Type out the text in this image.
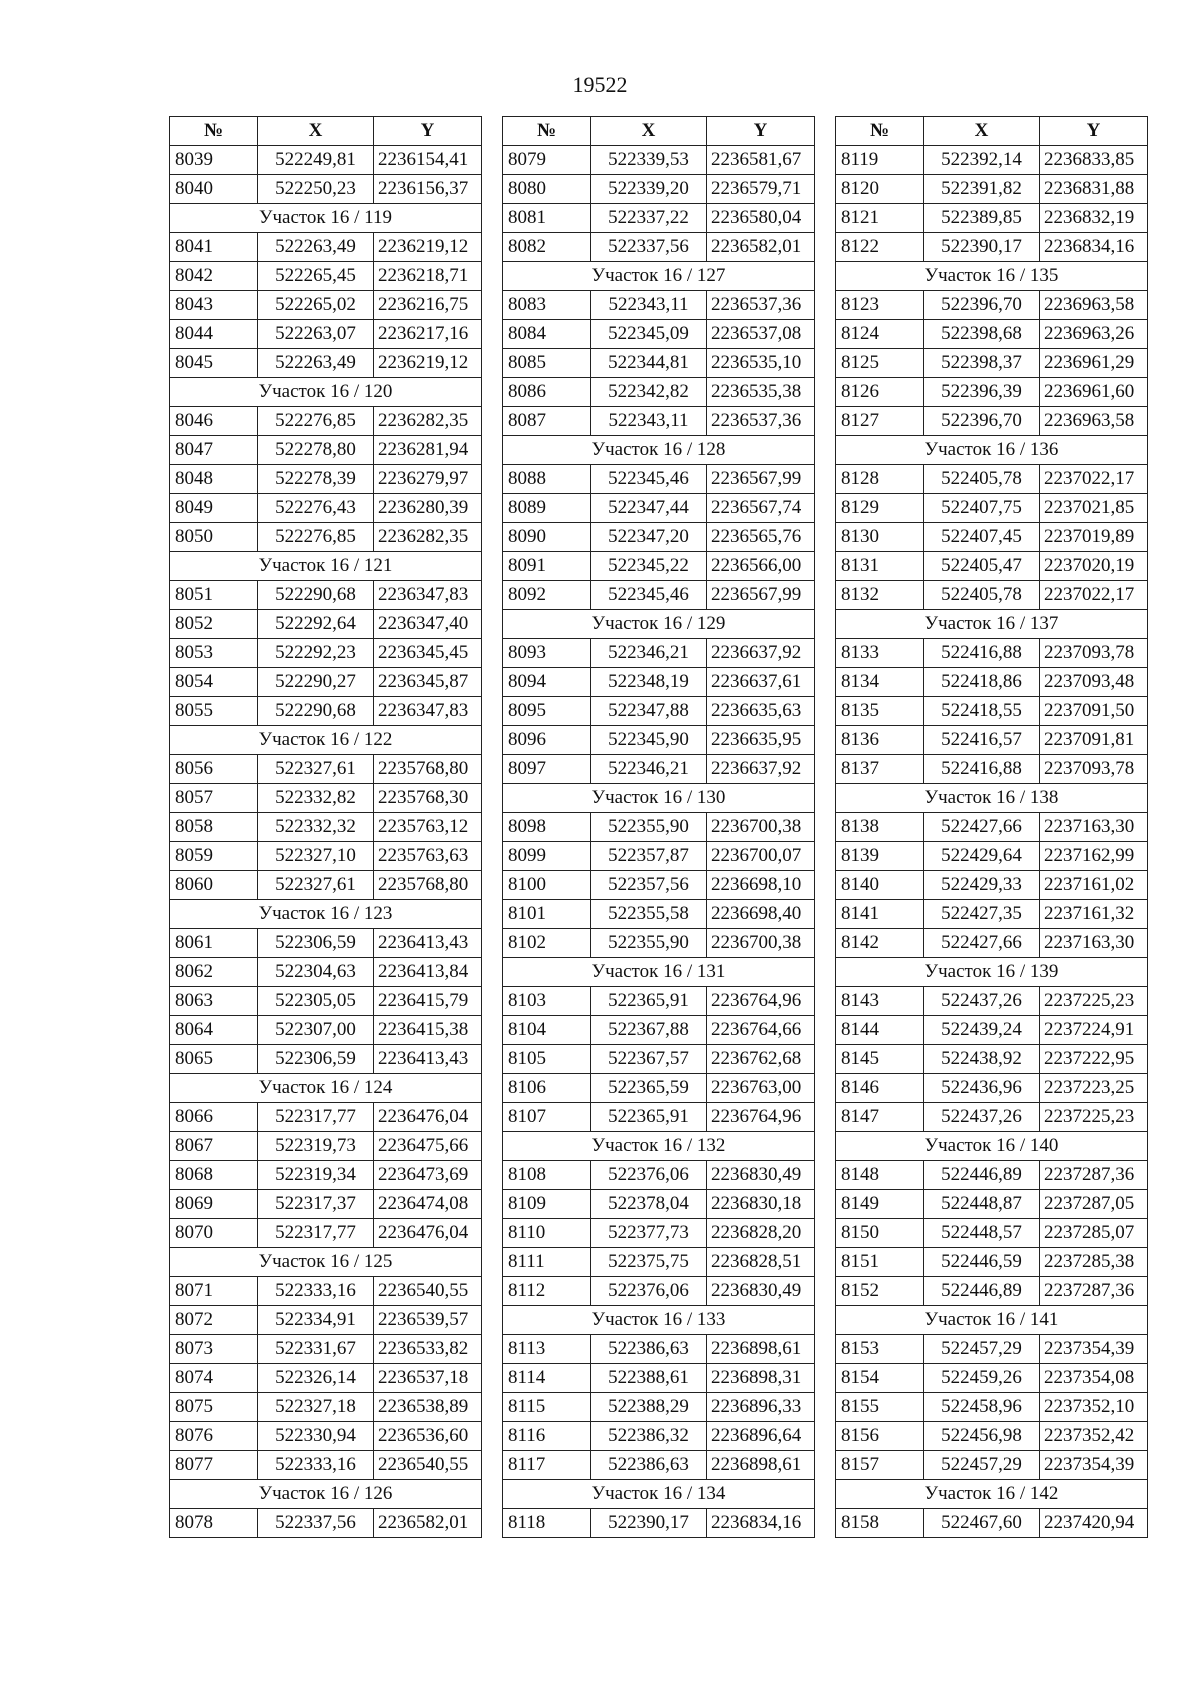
19522
№	X	Y
8039	522249,81	2236154,41
8040	522250,23	2236156,37
Участок 16 / 119		
8041	522263,49	2236219,12
8042	522265,45	2236218,71
8043	522265,02	2236216,75
8044	522263,07	2236217,16
8045	522263,49	2236219,12
Участок 16 / 120		
8046	522276,85	2236282,35
8047	522278,80	2236281,94
8048	522278,39	2236279,97
8049	522276,43	2236280,39
8050	522276,85	2236282,35
Участок 16 / 121		
8051	522290,68	2236347,83
8052	522292,64	2236347,40
8053	522292,23	2236345,45
8054	522290,27	2236345,87
8055	522290,68	2236347,83
Участок 16 / 122		
8056	522327,61	2235768,80
8057	522332,82	2235768,30
8058	522332,32	2235763,12
8059	522327,10	2235763,63
8060	522327,61	2235768,80
Участок 16 / 123		
8061	522306,59	2236413,43
8062	522304,63	2236413,84
8063	522305,05	2236415,79
8064	522307,00	2236415,38
8065	522306,59	2236413,43
Участок 16 / 124		
8066	522317,77	2236476,04
8067	522319,73	2236475,66
8068	522319,34	2236473,69
8069	522317,37	2236474,08
8070	522317,77	2236476,04
Участок 16 / 125		
8071	522333,16	2236540,55
8072	522334,91	2236539,57
8073	522331,67	2236533,82
8074	522326,14	2236537,18
8075	522327,18	2236538,89
8076	522330,94	2236536,60
8077	522333,16	2236540,55
Участок 16 / 126		
8078	522337,56	2236582,01
№	X	Y
8079	522339,53	2236581,67
8080	522339,20	2236579,71
8081	522337,22	2236580,04
8082	522337,56	2236582,01
Участок 16 / 127		
8083	522343,11	2236537,36
8084	522345,09	2236537,08
8085	522344,81	2236535,10
8086	522342,82	2236535,38
8087	522343,11	2236537,36
Участок 16 / 128		
8088	522345,46	2236567,99
8089	522347,44	2236567,74
8090	522347,20	2236565,76
8091	522345,22	2236566,00
8092	522345,46	2236567,99
Участок 16 / 129		
8093	522346,21	2236637,92
8094	522348,19	2236637,61
8095	522347,88	2236635,63
8096	522345,90	2236635,95
8097	522346,21	2236637,92
Участок 16 / 130		
8098	522355,90	2236700,38
8099	522357,87	2236700,07
8100	522357,56	2236698,10
8101	522355,58	2236698,40
8102	522355,90	2236700,38
Участок 16 / 131		
8103	522365,91	2236764,96
8104	522367,88	2236764,66
8105	522367,57	2236762,68
8106	522365,59	2236763,00
8107	522365,91	2236764,96
Участок 16 / 132		
8108	522376,06	2236830,49
8109	522378,04	2236830,18
8110	522377,73	2236828,20
8111	522375,75	2236828,51
8112	522376,06	2236830,49
Участок 16 / 133		
8113	522386,63	2236898,61
8114	522388,61	2236898,31
8115	522388,29	2236896,33
8116	522386,32	2236896,64
8117	522386,63	2236898,61
Участок 16 / 134		
8118	522390,17	2236834,16
№	X	Y
8119	522392,14	2236833,85
8120	522391,82	2236831,88
8121	522389,85	2236832,19
8122	522390,17	2236834,16
Участок 16 / 135		
8123	522396,70	2236963,58
8124	522398,68	2236963,26
8125	522398,37	2236961,29
8126	522396,39	2236961,60
8127	522396,70	2236963,58
Участок 16 / 136		
8128	522405,78	2237022,17
8129	522407,75	2237021,85
8130	522407,45	2237019,89
8131	522405,47	2237020,19
8132	522405,78	2237022,17
Участок 16 / 137		
8133	522416,88	2237093,78
8134	522418,86	2237093,48
8135	522418,55	2237091,50
8136	522416,57	2237091,81
8137	522416,88	2237093,78
Участок 16 / 138		
8138	522427,66	2237163,30
8139	522429,64	2237162,99
8140	522429,33	2237161,02
8141	522427,35	2237161,32
8142	522427,66	2237163,30
Участок 16 / 139		
8143	522437,26	2237225,23
8144	522439,24	2237224,91
8145	522438,92	2237222,95
8146	522436,96	2237223,25
8147	522437,26	2237225,23
Участок 16 / 140		
8148	522446,89	2237287,36
8149	522448,87	2237287,05
8150	522448,57	2237285,07
8151	522446,59	2237285,38
8152	522446,89	2237287,36
Участок 16 / 141		
8153	522457,29	2237354,39
8154	522459,26	2237354,08
8155	522458,96	2237352,10
8156	522456,98	2237352,42
8157	522457,29	2237354,39
Участок 16 / 142		
8158	522467,60	2237420,94
